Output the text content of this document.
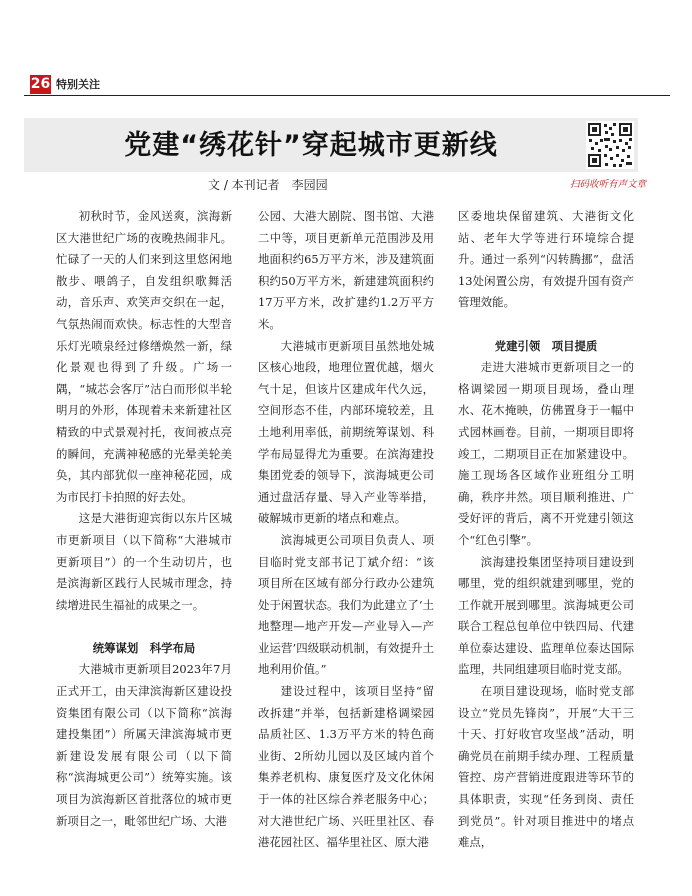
26 特别关注
党建“绣花针”穿起城市更新线
扫码收听有声文章
文 / 本刊记者　李园园

初秋时节，金风送爽，滨海新区大港世纪广场的夜晚热闹非凡。忙碌了一天的人们来到这里悠闲地散步、喂鸽子，自发组织歌舞活动，音乐声、欢笑声交织在一起，气氛热闹而欢快。标志性的大型音乐灯光喷泉经过修缮焕然一新，绿化景观也得到了升级。广场一隅，“城芯会客厅”沽白而形似半轮明月的外形，体现着未来新建社区精致的中式景观衬托，夜间被点亮的瞬间，充满神秘感的光晕美轮美奂，其内部犹似一座神秘花园，成为市民打卡拍照的好去处。

这是大港街迎宾街以东片区城市更新项目（以下简称“大港城市更新项目”）的一个生动切片，也是滨海新区践行人民城市理念，持续增进民生福祉的成果之一。

统筹谋划　科学布局

大港城市更新项目2023年7月正式开工，由天津滨海新区建设投资集团有限公司（以下简称“滨海建投集团”）所属天津滨海城市更新建设发展有限公司（以下简称“滨海城更公司”）统筹实施。该项目为滨海新区首批落位的城市更新项目之一，毗邻世纪广场、大港

公园、大港大剧院、图书馆、大港二中等，项目更新单元范围涉及用地面积约65万平方米，涉及建筑面积约50万平方米，新建建筑面积约17万平方米，改扩建约1.2万平方米。

大港城市更新项目虽然地处城区核心地段，地理位置优越，烟火气十足，但该片区建成年代久远，空间形态不佳，内部环境较差，且土地利用率低，前期统筹谋划、科学布局显得尤为重要。在滨海建投集团党委的领导下，滨海城更公司通过盘活存量、导入产业等举措，破解城市更新的堵点和难点。

滨海城更公司项目负责人、项目临时党支部书记丁斌介绍：“该项目所在区域有部分行政办公建筑处于闲置状态。我们为此建立了‘土地整理—地产开发—产业导入—产业运营’四级联动机制，有效提升土地利用价值。”

建设过程中，该项目坚持“留改拆建”并举，包括新建格调梁园品质社区、1.3万平方米的特色商业街、2所幼儿园以及区域内首个集养老机构、康复医疗及文化休闲于一体的社区综合养老服务中心；对大港世纪广场、兴旺里社区、春港花园社区、福华里社区、原大港

区委地块保留建筑、大港街文化站、老年大学等进行环境综合提升。通过一系列“闪转腾挪”，盘活13处闲置公房，有效提升国有资产管理效能。

党建引领　项目提质

走进大港城市更新项目之一的格调梁园一期项目现场，叠山理水、花木掩映，仿佛置身于一幅中式园林画卷。目前，一期项目即将竣工，二期项目正在加紧建设中。施工现场各区域作业班组分工明确，秩序井然。项目顺利推进、广受好评的背后，离不开党建引领这个“红色引擎”。

滨海建投集团坚持项目建设到哪里，党的组织就建到哪里，党的工作就开展到哪里。滨海城更公司联合工程总包单位中铁四局、代建单位泰达建设、监理单位泰达国际监理，共同组建项目临时党支部。

在项目建设现场，临时党支部设立“党员先锋岗”，开展“大干三十天、打好收官攻坚战”活动，明确党员在前期手续办理、工程质量管控、房产营销进度跟进等环节的具体职责，实现“任务到岗、责任到党员”。针对项目推进中的堵点难点，
